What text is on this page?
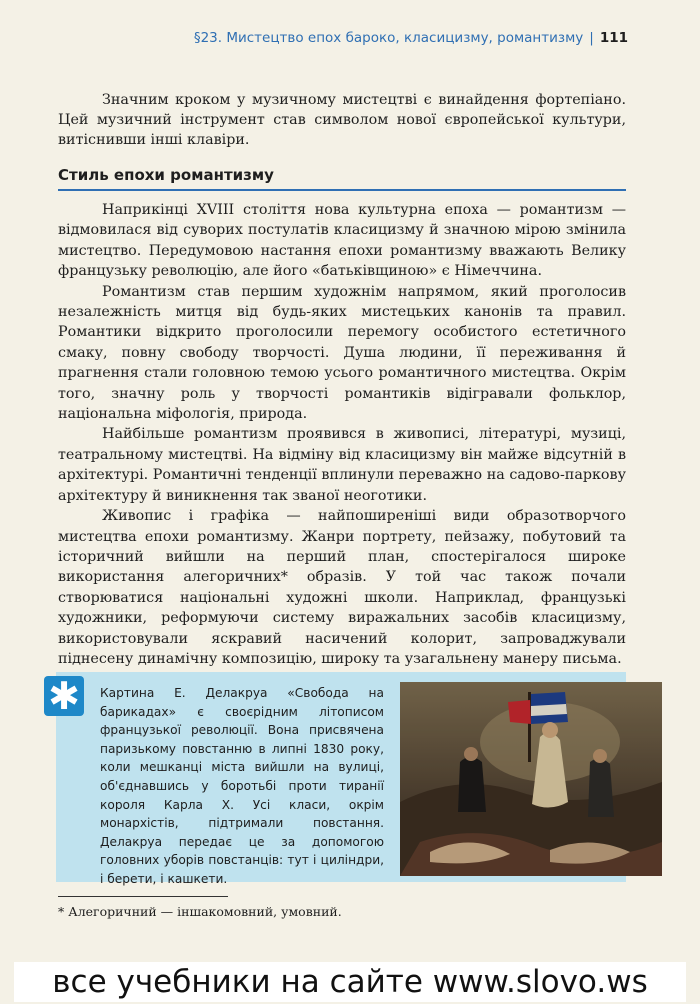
§23. Мистецтво епох бароко, класицизму, романтизму | 111

Значним кроком у музичному мистецтві є винайдення фортепіано. Цей музичний інструмент став символом нової європейської культури, витіснивши інші клавіри.

Стиль епохи романтизму

Наприкінці XVIII століття нова культурна епоха — романтизм — відмовилася від суворих постулатів класицизму й значною мірою змінила мистецтво. Передумовою настання епохи романтизму вважають Велику французьку революцію, але його «батьківщиною» є Німеччина.

Романтизм став першим художнім напрямом, який проголосив незалежність митця від будь-яких мистецьких канонів та правил. Романтики відкрито проголосили перемогу особистого естетичного смаку, повну свободу творчості. Душа людини, її переживання й прагнення стали головною темою усього романтичного мистецтва. Окрім того, значну роль у творчості романтиків відігравали фольклор, національна міфологія, природа.

Найбільше романтизм проявився в живописі, літературі, музиці, театральному мистецтві. На відміну від класицизму він майже відсутній в архітектурі. Романтичні тенденції вплинули переважно на садово-паркову архітектуру й виникнення так званої неоготики.

Живопис і графіка — найпоширеніші види образотворчого мистецтва епохи романтизму. Жанри портрету, пейзажу, побутовий та історичний вийшли на перший план, спостерігалося широке використання алегоричних* образів. У той час також почали створюватися національні художні школи. Наприклад, французькі художники, реформуючи систему виражальних засобів класицизму, використовували яскравий насичений колорит, запроваджували піднесену динамічну композицію, широку та узагальнену манеру письма.

✱	Картина Е. Делакруа «Свобода на барикадах» є своєрідним літописом французької революції. Вона присвячена паризькому повстанню в липні 1830 року, коли мешканці міста вийшли на вулиці, об'єднавшись у боротьбі проти тиранії короля Карла X. Усі класи, окрім монархістів, підтримали повстання. Делакруа передає це за допомогою головних уборів повстанців: тут і циліндри, і берети, і кашкети.

* Алегоричний — іншакомовний, умовний.

все учебники на сайте www.slovo.ws
